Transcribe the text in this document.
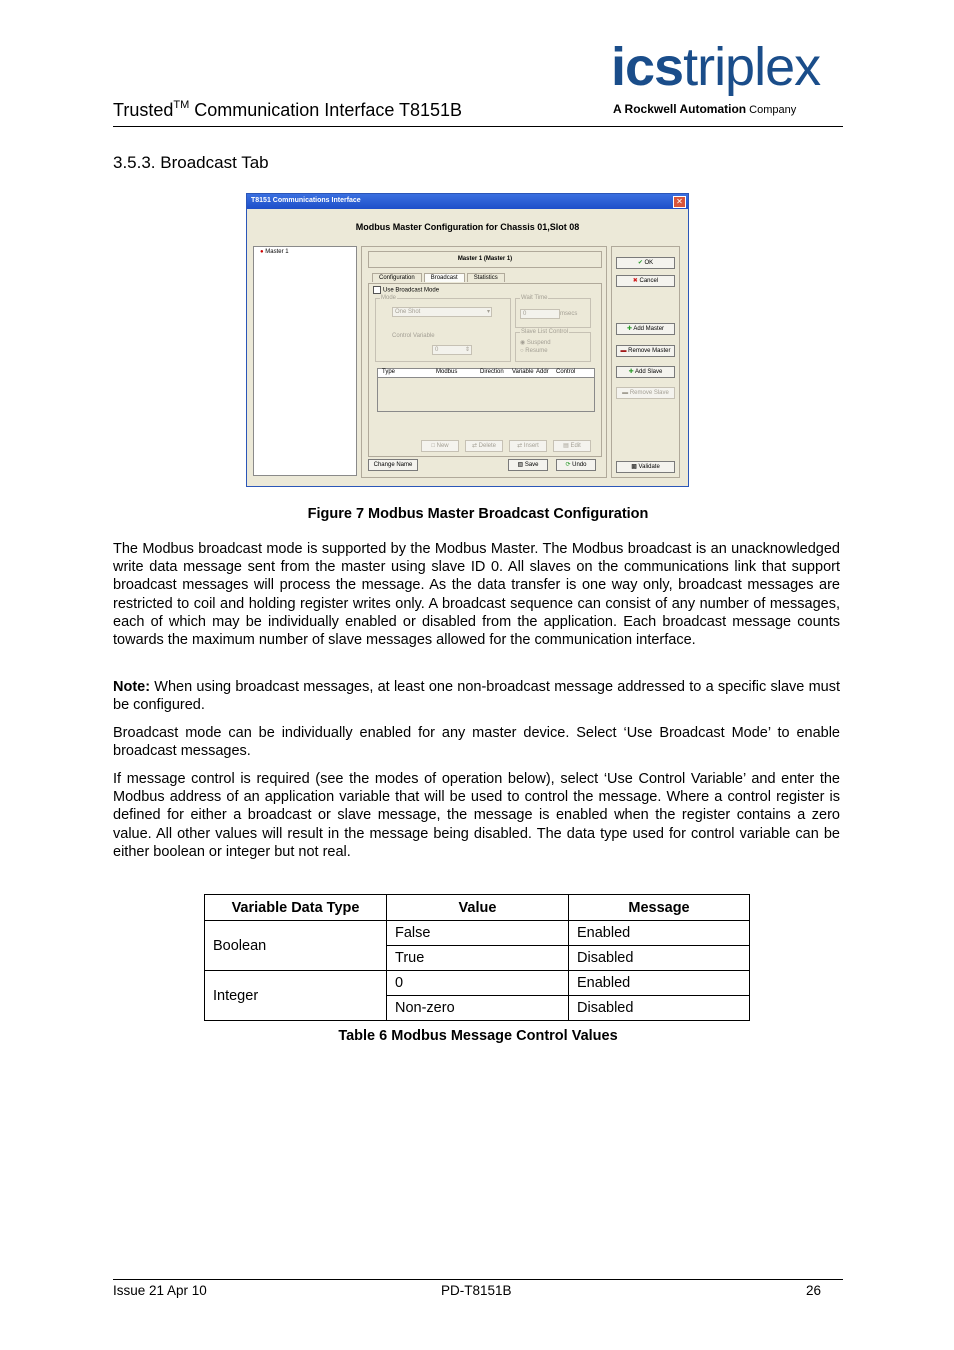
Trusted™ Communication Interface T8151B
icstriplex
A Rockwell Automation Company
3.5.3. Broadcast Tab
T8151 Communications Interface	✕
Modbus Master Configuration for Chassis 01,Slot 08
● Master 1
Master 1 (Master 1)
Configuration	Broadcast	Statistics
Use Broadcast Mode
Mode
One Shot	▾
Control Variable
0	⇕
Wait Time
0	msecs
Slave List Control
◉ Suspend
○ Resume
Type	Modbus	Direction Variable Addr Control
□ New	⇄ Delete	⇄ Insert	▤ Edit
Change Name	▧ Save	⟳ Undo
✔ OK
✖ Cancel
✚ Add Master
▬ Remove Master
✚ Add Slave
▬ Remove Slave
▩ Validate
Figure 7 Modbus Master Broadcast Configuration
The Modbus broadcast mode is supported by the Modbus Master. The Modbus broadcast is an unacknowledged write data message sent from the master using slave ID 0. All slaves on the communications link that support broadcast messages will process the message. As the data transfer is one way only, broadcast messages are restricted to coil and holding register writes only. A broadcast sequence can consist of any number of messages, each of which may be individually enabled or disabled from the application. Each broadcast message counts towards the maximum number of slave messages allowed for the communication interface.
Note: When using broadcast messages, at least one non-broadcast message addressed to a specific slave must be configured.
Broadcast mode can be individually enabled for any master device. Select ‘Use Broadcast Mode’ to enable broadcast messages.
If message control is required (see the modes of operation below), select ‘Use Control Variable’ and enter the Modbus address of an application variable that will be used to control the message. Where a control register is defined for either a broadcast or slave message, the message is enabled when the register contains a zero value. All other values will result in the message being disabled. The data type used for control variable can be either boolean or integer but not real.
Variable Data Type	Value	Message
Boolean	False	Enabled
	True	Disabled
Integer	0	Enabled
	Non-zero	Disabled
Table 6 Modbus Message Control Values
Issue 21 Apr 10	PD-T8151B	26
